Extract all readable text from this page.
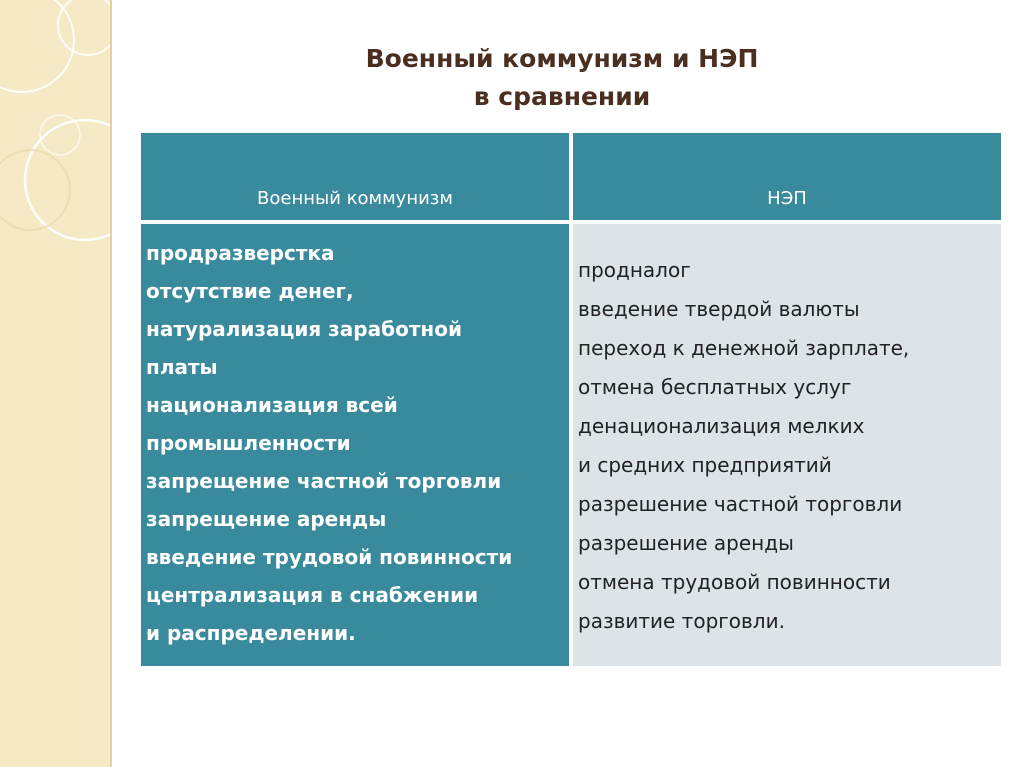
Военный коммунизм и НЭП
в сравнении
Военный коммунизм	НЭП
продразверстка
отсутствие денег,
натурализация заработной
платы
национализация всей
промышленности
запрещение частной торговли
запрещение аренды
введение трудовой повинности
централизация в снабжении
и распределении.
продналог
введение твердой валюты
переход к денежной зарплате,
отмена бесплатных услуг
денационализация мелких
и средних предприятий
разрешение частной торговли
разрешение аренды
отмена трудовой повинности
развитие торговли.
